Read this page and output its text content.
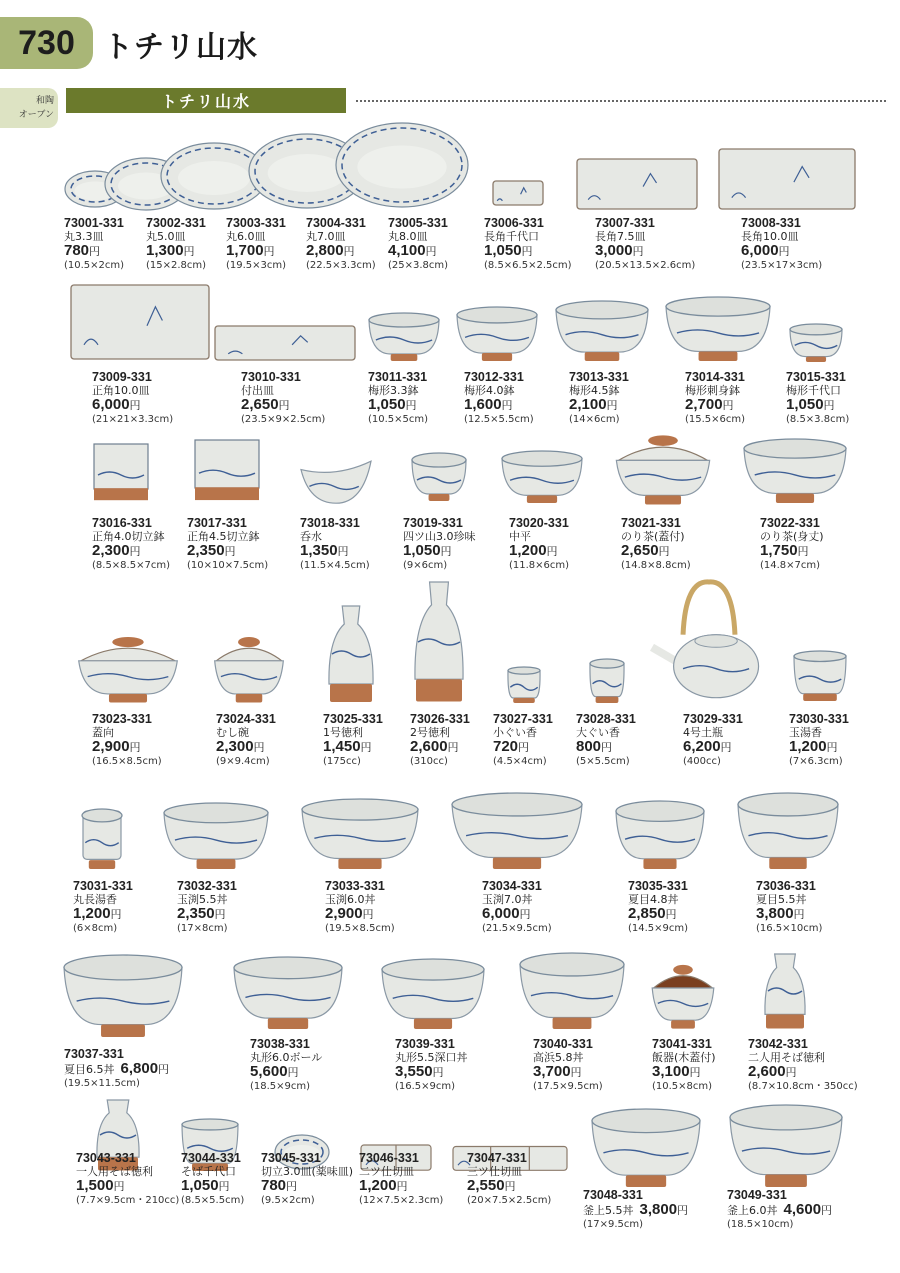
730 トチリ山水
和陶
オーブン
トチリ山水
73001-331
丸3.3皿
780円
(10.5×2cm)
73002-331
丸5.0皿
1,300円
(15×2.8cm)
73003-331
丸6.0皿
1,700円
(19.5×3cm)
73004-331
丸7.0皿
2,800円
(22.5×3.3cm)
73005-331
丸8.0皿
4,100円
(25×3.8cm)
73006-331
長角千代口
1,050円
(8.5×6.5×2.5cm)
73007-331
長角7.5皿
3,000円
(20.5×13.5×2.6cm)
73008-331
長角10.0皿
6,000円
(23.5×17×3cm)
73009-331
正角10.0皿
6,000円
(21×21×3.3cm)
73010-331
付出皿
2,650円
(23.5×9×2.5cm)
73011-331
梅形3.3鉢
1,050円
(10.5×5cm)
73012-331
梅形4.0鉢
1,600円
(12.5×5.5cm)
73013-331
梅形4.5鉢
2,100円
(14×6cm)
73014-331
梅形刺身鉢
2,700円
(15.5×6cm)
73015-331
梅形千代口
1,050円
(8.5×3.8cm)
73016-331
正角4.0切立鉢
2,300円
(8.5×8.5×7cm)
73017-331
正角4.5切立鉢
2,350円
(10×10×7.5cm)
73018-331
呑水
1,350円
(11.5×4.5cm)
73019-331
四ツ山3.0珍味
1,050円
(9×6cm)
73020-331
中平
1,200円
(11.8×6cm)
73021-331
のり茶(蓋付)
2,650円
(14.8×8.8cm)
73022-331
のり茶(身丈)
1,750円
(14.8×7cm)
73023-331
蓋向
2,900円
(16.5×8.5cm)
73024-331
むし碗
2,300円
(9×9.4cm)
73025-331
1号徳利
1,450円
(175cc)
73026-331
2号徳利
2,600円
(310cc)
73027-331
小ぐい香
720円
(4.5×4cm)
73028-331
大ぐい香
800円
(5×5.5cm)
73029-331
4号土瓶
6,200円
(400cc)
73030-331
玉湯香
1,200円
(7×6.3cm)
73031-331
丸長湯香
1,200円
(6×8cm)
73032-331
玉渕5.5丼
2,350円
(17×8cm)
73033-331
玉渕6.0丼
2,900円
(19.5×8.5cm)
73034-331
玉渕7.0丼
6,000円
(21.5×9.5cm)
73035-331
夏目4.8丼
2,850円
(14.5×9cm)
73036-331
夏目5.5丼
3,800円
(16.5×10cm)
73037-331
夏目6.5丼 6,800円
(19.5×11.5cm)
73038-331
丸形6.0ボール
5,600円
(18.5×9cm)
73039-331
丸形5.5深口丼
3,550円
(16.5×9cm)
73040-331
高浜5.8丼
3,700円
(17.5×9.5cm)
73041-331
飯器(木蓋付)
3,100円
(10.5×8cm)
73042-331
二人用そば徳利
2,600円
(8.7×10.8cm・350cc)
73043-331
一人用そば徳利
1,500円
(7.7×9.5cm・210cc)
73044-331
そば千代口
1,050円
(8.5×5.5cm)
73045-331
切立3.0皿(薬味皿)
780円
(9.5×2cm)
73046-331
二ツ仕切皿
1,200円
(12×7.5×2.3cm)
73047-331
三ツ仕切皿
2,550円
(20×7.5×2.5cm)	73048-331
釜上5.5丼 3,800円
(17×9.5cm)
73049-331
釜上6.0丼 4,600円
(18.5×10cm)
